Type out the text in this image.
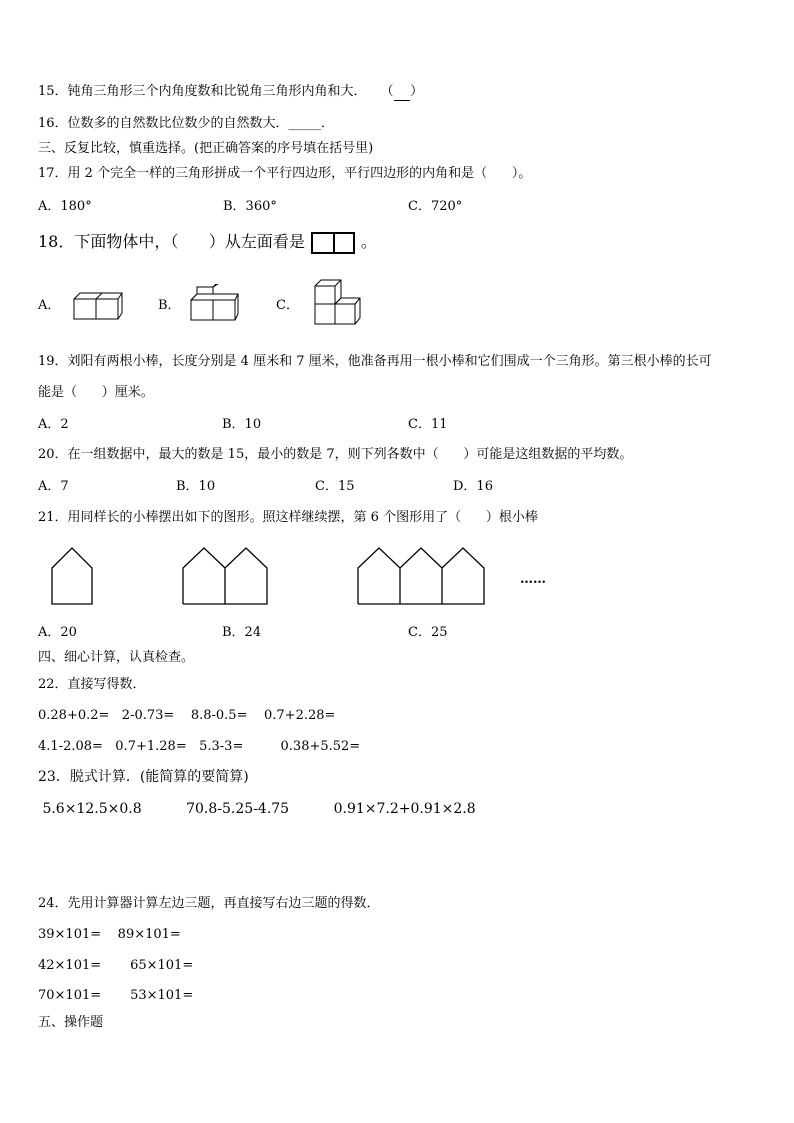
15．钝角三角形三个内角度数和比锐角三角形内角和大． （ ）
16．位数多的自然数比位数少的自然数大．_____．
三、反复比较，慎重选择。(把正确答案的序号填在括号里)
17．用 2 个完全一样的三角形拼成一个平行四边形，平行四边形的内角和是（      ）。
A．180°	B．360°	C．720°
18．下面物体中，（      ）从左面看是	。
A．	B．	C．
19．刘阳有两根小棒，长度分别是 4 厘米和 7 厘米，他准备再用一根小棒和它们围成一个三角形。第三根小棒的长可
能是（      ）厘米。
A．2	B．10	C．11
20．在一组数据中，最大的数是 15，最小的数是 7，则下列各数中（      ）可能是这组数据的平均数。
A．7	B．10	C．15	D．16
21．用同样长的小棒摆出如下的图形。照这样继续摆，第 6 个图形用了（      ）根小棒
……
A．20	B．24	C．25
四、细心计算，认真检查。
22．直接写得数．
0.28+0.2=   2-0.73=    8.8-0.5=    0.7+2.28=
4.1-2.08=   0.7+1.28=   5.3-3=         0.38+5.52=
23．脱式计算．(能简算的要简算)
5.6×12.5×0.8          70.8-5.25-4.75          0.91×7.2+0.91×2.8
24．先用计算器计算左边三题，再直接写右边三题的得数．
39×101=    89×101=
42×101=       65×101=
70×101=       53×101=
五、操作题
